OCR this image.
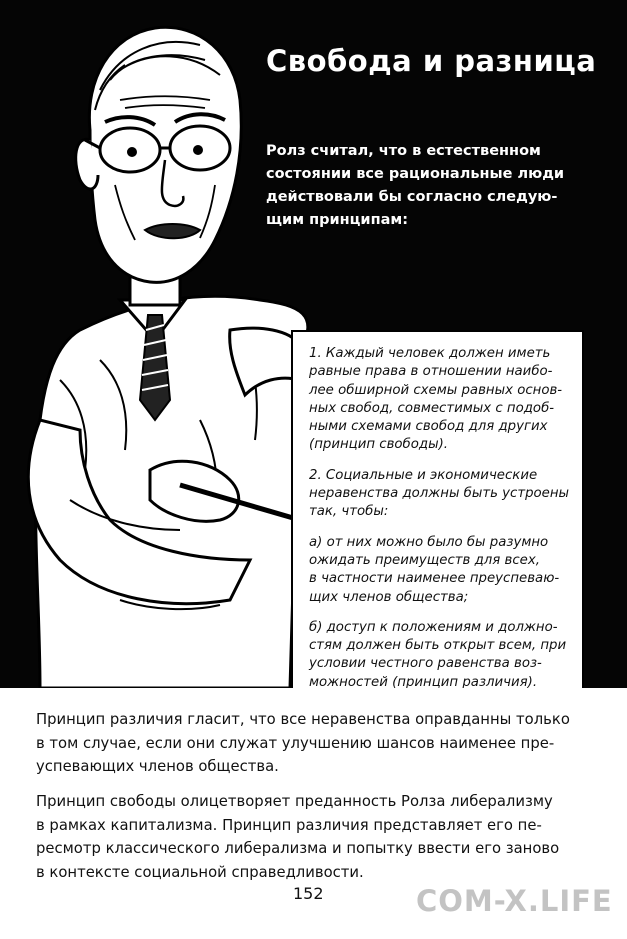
Свобода и разница
Ролз считал, что в естественном
состоянии все рациональные люди
действовали бы согласно следую-
щим принципам:

1. Каждый человек должен иметь
равные права в отношении наибо-
лее обширной схемы равных основ-
ных свобод, совместимых с подоб-
ными схемами свобод для других
(принцип свободы).

2. Социальные и экономические
неравенства должны быть устроены
так, чтобы:

а) от них можно было бы разумно
ожидать преимуществ для всех,
в частности наименее преуспеваю-
щих членов общества;

б) доступ к положениям и должно-
стям должен быть открыт всем, при
условии честного равенства воз-
можностей (принцип различия).

Принцип различия гласит, что все неравенства оправданны только
в том случае, если они служат улучшению шансов наименее пре-
успевающих членов общества.
Принцип свободы олицетворяет преданность Ролза либерализму
в рамках капитализма. Принцип различия представляет его пе-
ресмотр классического либерализма и попытку ввести его заново
в контексте социальной справедливости.
152	COM-X.LIFE
